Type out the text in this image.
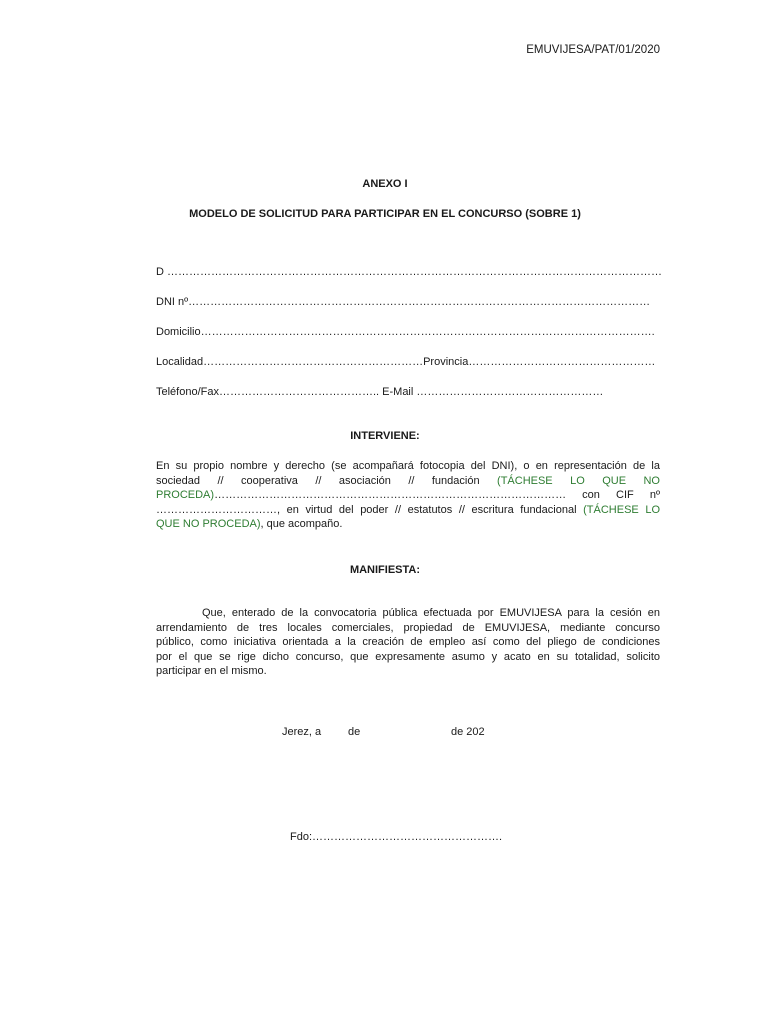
EMUVIJESA/PAT/01/2020
ANEXO I
MODELO DE SOLICITUD PARA PARTICIPAR EN EL CONCURSO (SOBRE 1)
D ………………………………………………………………………………………………………………………
DNI nº………………………………………………………………………………………………………………
Domicilio…………………………………………………………………………………………………………….
Localidad……………………………………………………Provincia……………………………………………
Teléfono/Fax…………………………………….. E-Mail ……………………………………………
INTERVIENE:
En su propio nombre y derecho (se acompañará fotocopia del DNI), o en representación de la
sociedad // cooperativa // asociación // fundación (TÁCHESE LO QUE NO
PROCEDA)…………………………………………………………………………………… con CIF nº
……………………………, en virtud del poder // estatutos // escritura fundacional (TÁCHESE LO
QUE NO PROCEDA), que acompaño.
MANIFIESTA:
Que, enterado de la convocatoria pública efectuada por EMUVIJESA para la cesión en
arrendamiento de tres locales comerciales, propiedad de EMUVIJESA, mediante concurso
público, como iniciativa orientada a la creación de empleo así como del pliego de condiciones
por el que se rige dicho concurso, que expresamente asumo y acato en su totalidad, solicito
participar en el mismo.
Jerez, a de	de 202
Fdo:…………………………………………….
